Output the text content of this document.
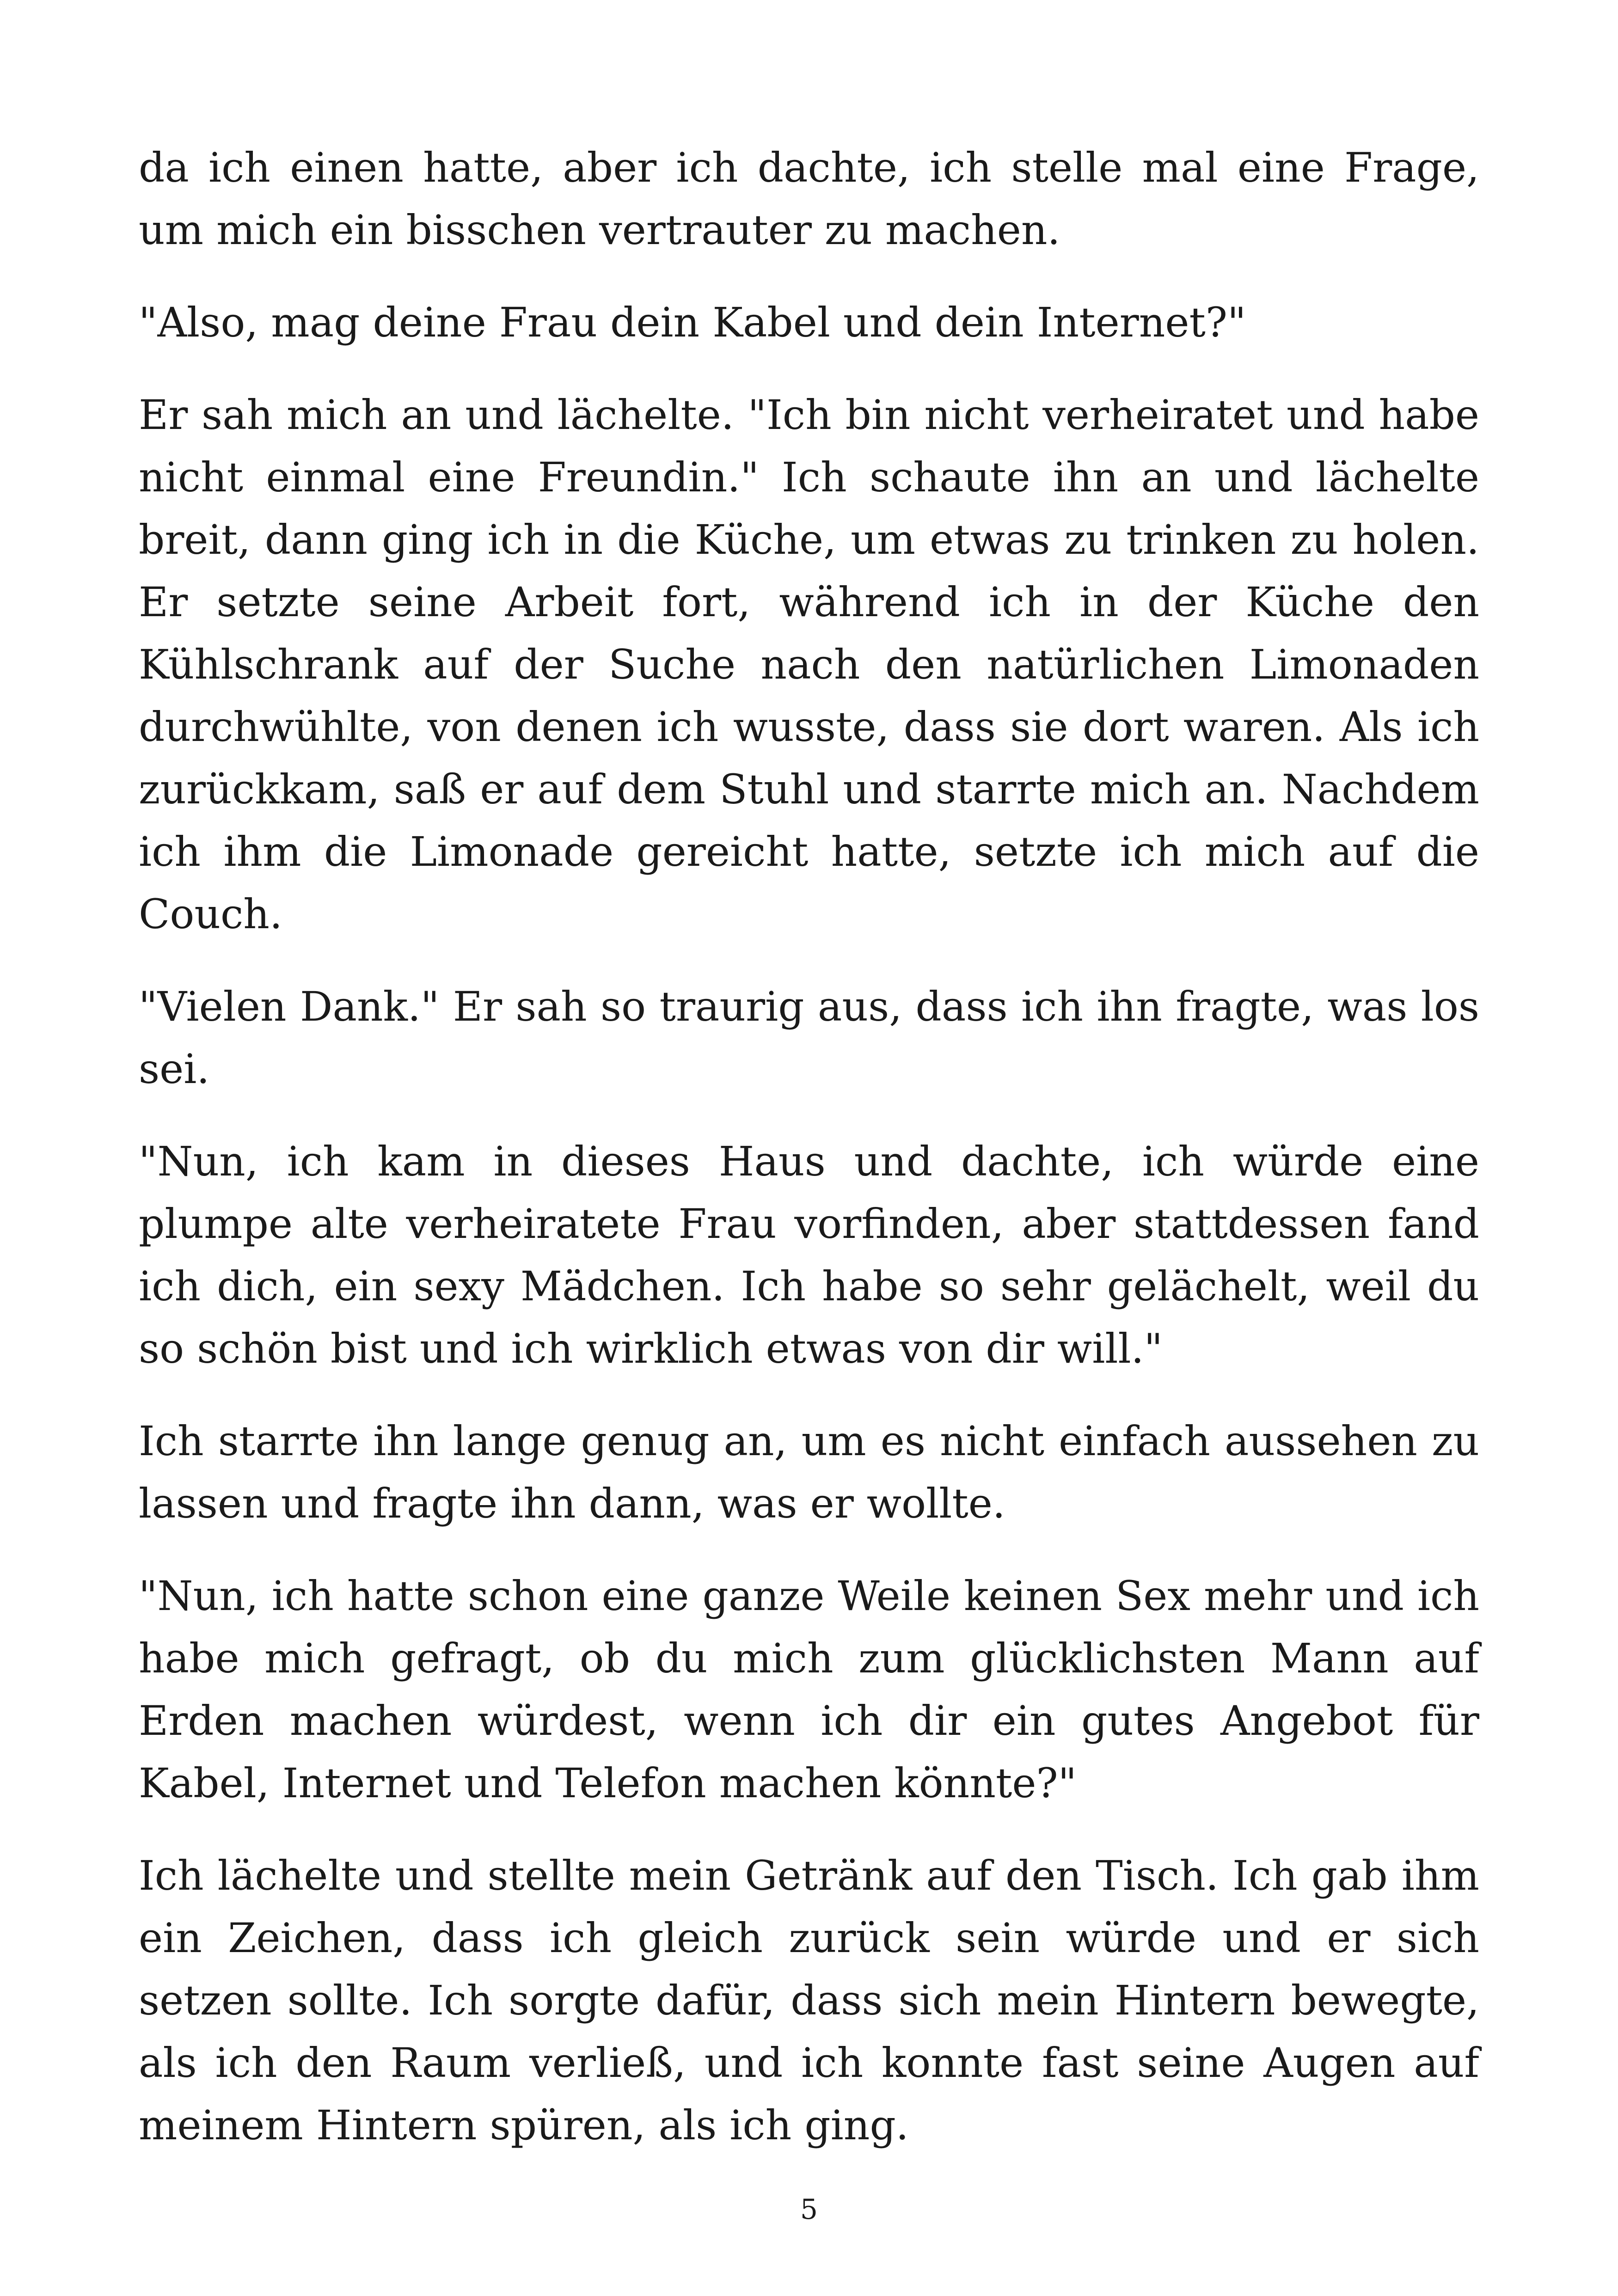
da ich einen hatte, aber ich dachte, ich stelle mal eine Frage, um mich ein bisschen vertrauter zu machen.

"Also, mag deine Frau dein Kabel und dein Internet?"

Er sah mich an und lächelte. "Ich bin nicht verheiratet und habe nicht einmal eine Freundin." Ich schaute ihn an und lächelte breit, dann ging ich in die Küche, um etwas zu trinken zu holen. Er setzte seine Arbeit fort, während ich in der Küche den Kühlschrank auf der Suche nach den natürlichen Limonaden durchwühlte, von denen ich wusste, dass sie dort waren. Als ich zurückkam, saß er auf dem Stuhl und starrte mich an. Nachdem ich ihm die Limonade gereicht hatte, setzte ich mich auf die Couch.

"Vielen Dank." Er sah so traurig aus, dass ich ihn fragte, was los sei.

"Nun, ich kam in dieses Haus und dachte, ich würde eine plumpe alte verheiratete Frau vorfinden, aber stattdessen fand ich dich, ein sexy Mädchen. Ich habe so sehr gelächelt, weil du so schön bist und ich wirklich etwas von dir will."

Ich starrte ihn lange genug an, um es nicht einfach aussehen zu lassen und fragte ihn dann, was er wollte.

"Nun, ich hatte schon eine ganze Weile keinen Sex mehr und ich habe mich gefragt, ob du mich zum glücklichsten Mann auf Erden machen würdest, wenn ich dir ein gutes Angebot für Kabel, Internet und Telefon machen könnte?"

Ich lächelte und stellte mein Getränk auf den Tisch. Ich gab ihm ein Zeichen, dass ich gleich zurück sein würde und er sich setzen sollte. Ich sorgte dafür, dass sich mein Hintern bewegte, als ich den Raum verließ, und ich konnte fast seine Augen auf meinem Hintern spüren, als ich ging.

5
